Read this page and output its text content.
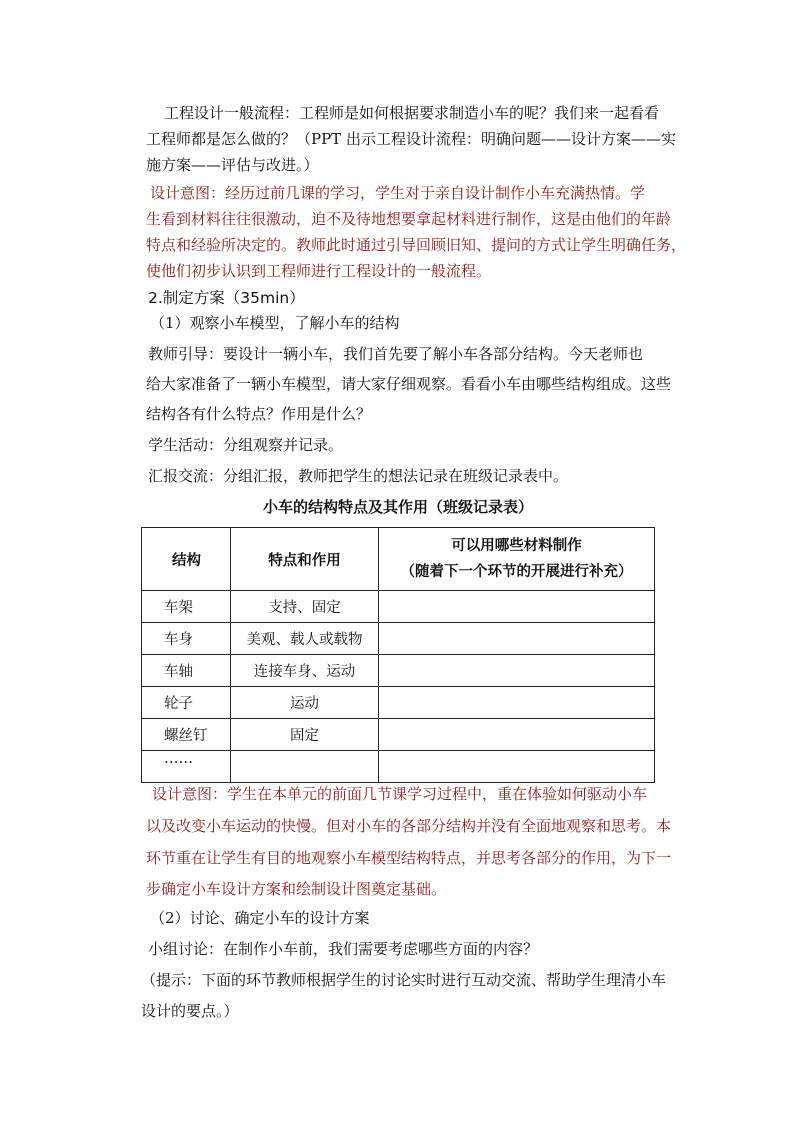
工程设计一般流程：工程师是如何根据要求制造小车的呢？我们来一起看看
工程师都是怎么做的？（PPT 出示工程设计流程：明确问题——设计方案——实
施方案——评估与改进。）
设计意图：经历过前几课的学习，学生对于亲自设计制作小车充满热情。学
生看到材料往往很激动，迫不及待地想要拿起材料进行制作，这是由他们的年龄
特点和经验所决定的。教师此时通过引导回顾旧知、提问的方式让学生明确任务，
使他们初步认识到工程师进行工程设计的一般流程。
2.制定方案（35min）
（1）观察小车模型，了解小车的结构
教师引导：要设计一辆小车，我们首先要了解小车各部分结构。今天老师也
给大家准备了一辆小车模型，请大家仔细观察。看看小车由哪些结构组成。这些
结构各有什么特点？作用是什么？
学生活动：分组观察并记录。
汇报交流：分组汇报，教师把学生的想法记录在班级记录表中。
小车的结构特点及其作用（班级记录表）
结构	特点和作用	可以用哪些材料制作
（随着下一个环节的开展进行补充）

车架	支持、固定	
车身	美观、载人或载物	
车轴	连接车身、运动	
轮子	运动	
螺丝钉	固定	
……		
设计意图：学生在本单元的前面几节课学习过程中，重在体验如何驱动小车
以及改变小车运动的快慢。但对小车的各部分结构并没有全面地观察和思考。本
环节重在让学生有目的地观察小车模型结构特点，并思考各部分的作用，为下一
步确定小车设计方案和绘制设计图奠定基础。
（2）讨论、确定小车的设计方案
小组讨论：在制作小车前，我们需要考虑哪些方面的内容？
（提示：下面的环节教师根据学生的讨论实时进行互动交流、帮助学生理清小车
设计的要点。）
